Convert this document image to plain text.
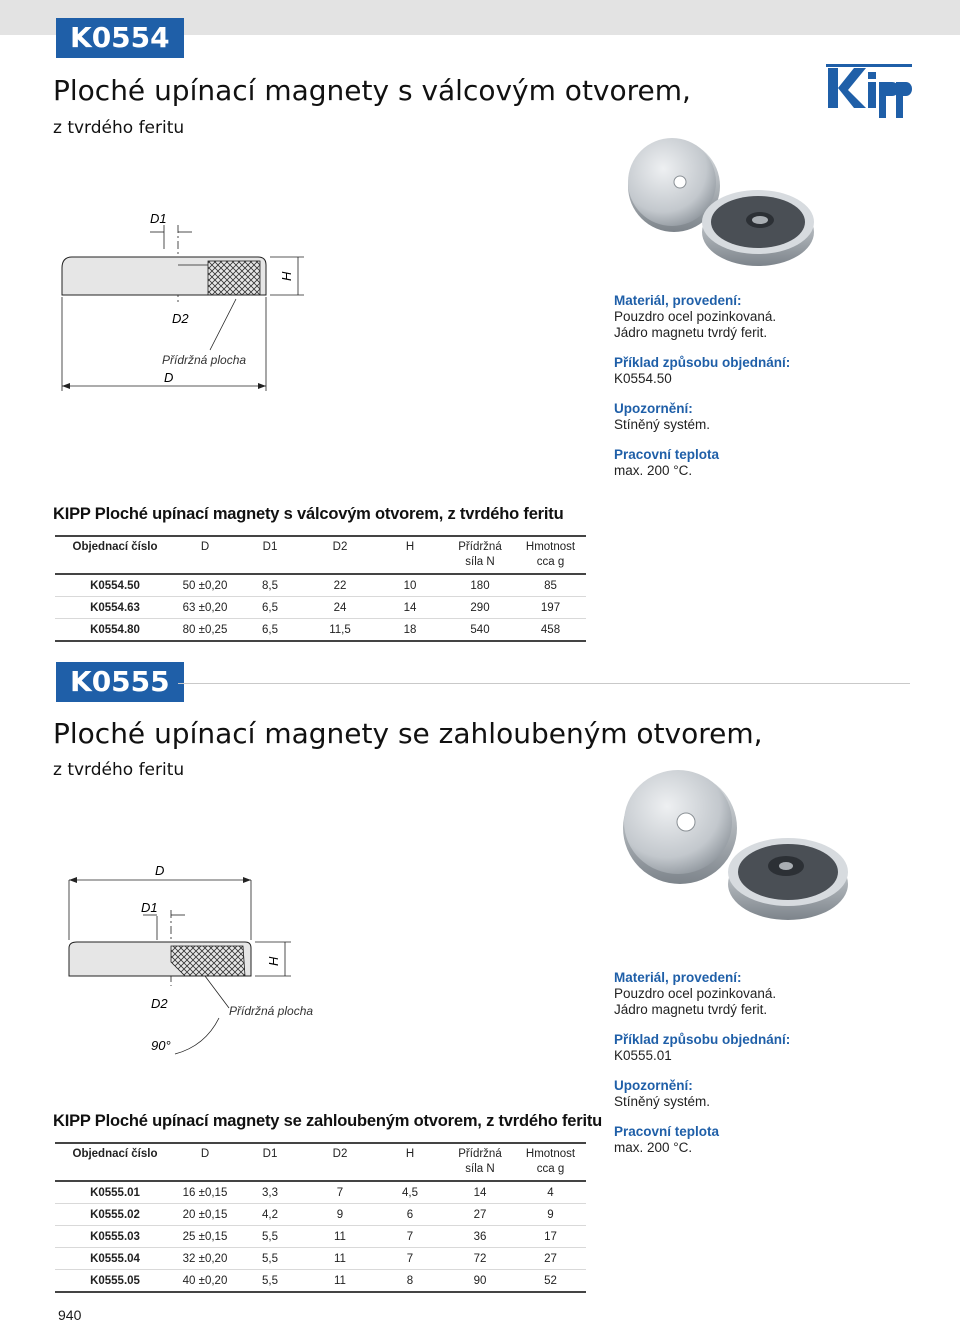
K0554
Ploché upínací magnety s válcovým otvorem,
z tvrdého feritu
D1
H
D2
Přídržná plocha
D
Materiál, provedení:
Pouzdro ocel pozinkovaná.
Jádro magnetu tvrdý ferit.
Příklad způsobu objednání:
K0554.50
Upozornění:
Stíněný systém.
Pracovní teplota
max. 200 °C.
KIPP Ploché upínací magnety s válcovým otvorem, z tvrdého feritu
Objednací číslo	D	D1	D2	H	Přídržná síla N	Hmotnost cca g

K0554.50	50 ±0,20	8,5	22	10	180	85
K0554.63	63 ±0,20	6,5	24	14	290	197
K0554.80	80 ±0,25	6,5	11,5	18	540	458
K0555
Ploché upínací magnety se zahloubeným otvorem,
z tvrdého feritu
D
D1
H
D2	Přídržná plocha
90°
Materiál, provedení:
Pouzdro ocel pozinkovaná.
Jádro magnetu tvrdý ferit.
Příklad způsobu objednání:
K0555.01
Upozornění:
Stíněný systém.
Pracovní teplota
max. 200 °C.
KIPP Ploché upínací magnety se zahloubeným otvorem, z tvrdého feritu
Objednací číslo	D	D1	D2	H	Přídržná síla N	Hmotnost cca g

K0555.01	16 ±0,15	3,3	7	4,5	14	4
K0555.02	20 ±0,15	4,2	9	6	27	9
K0555.03	25 ±0,15	5,5	11	7	36	17
K0555.04	32 ±0,20	5,5	11	7	72	27
K0555.05	40 ±0,20	5,5	11	8	90	52
940
